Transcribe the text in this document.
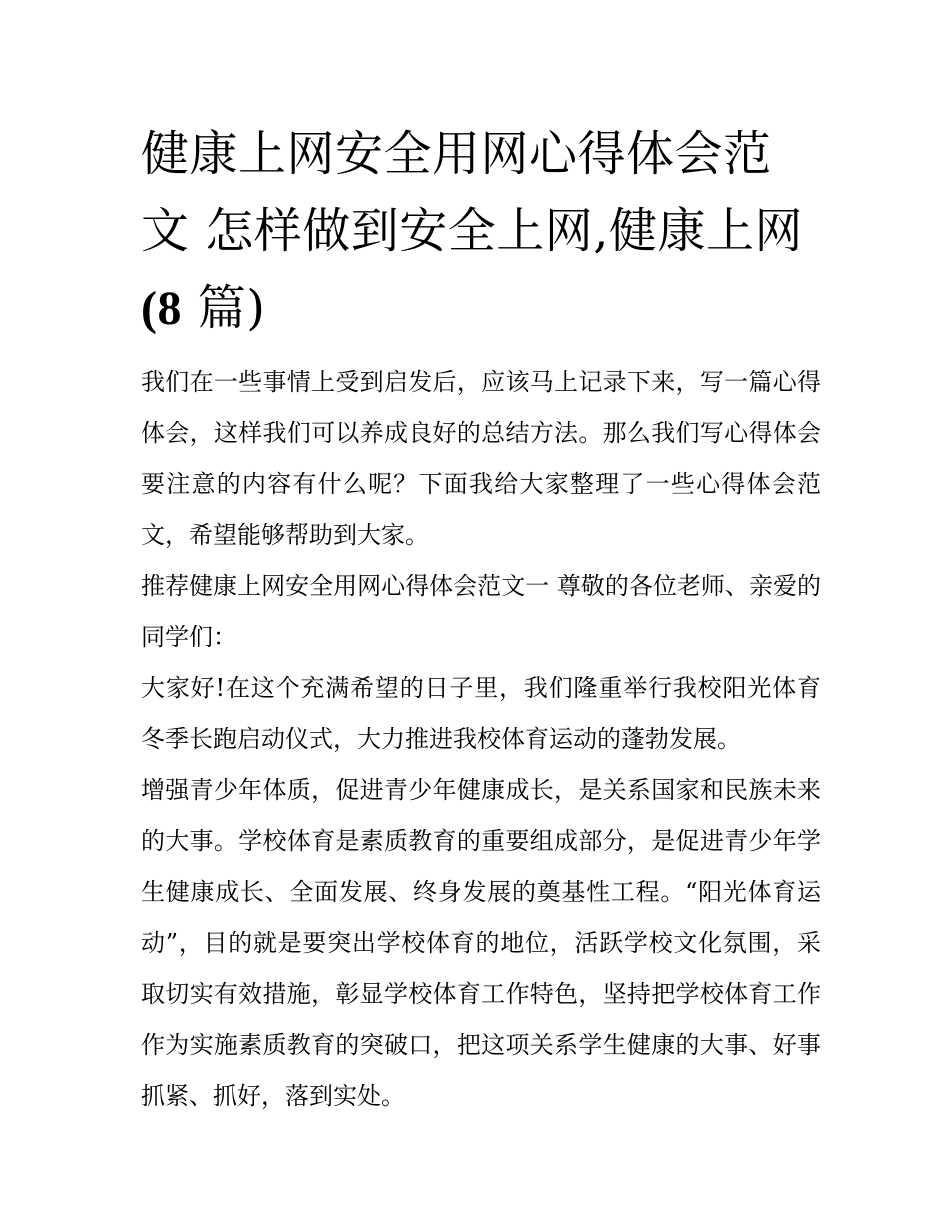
健康上网安全用网心得体会范
文 怎样做到安全上网,健康上网
(8 篇)

我们在一些事情上受到启发后，应该马上记录下来，写一篇心得体会，这样我们可以养成良好的总结方法。那么我们写心得体会要注意的内容有什么呢？下面我给大家整理了一些心得体会范文，希望能够帮助到大家。

推荐健康上网安全用网心得体会范文一 尊敬的各位老师、亲爱的同学们：

大家好!在这个充满希望的日子里，我们隆重举行我校阳光体育冬季长跑启动仪式，大力推进我校体育运动的蓬勃发展。

增强青少年体质，促进青少年健康成长，是关系国家和民族未来的大事。学校体育是素质教育的重要组成部分，是促进青少年学生健康成长、全面发展、终身发展的奠基性工程。“阳光体育运动”，目的就是要突出学校体育的地位，活跃学校文化氛围，采取切实有效措施，彰显学校体育工作特色，坚持把学校体育工作作为实施素质教育的突破口，把这项关系学生健康的大事、好事抓紧、抓好，落到实处。
